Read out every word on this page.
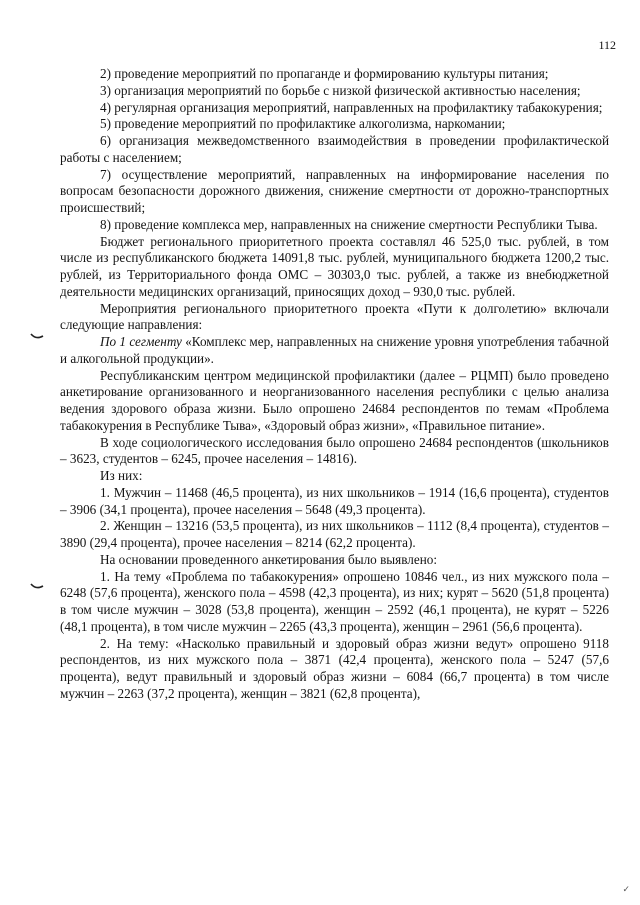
112

2) проведение мероприятий по пропаганде и формированию культуры питания;

3) организация мероприятий по борьбе с низкой физической активностью населения;

4) регулярная организация мероприятий, направленных на профилактику табакокурения;

5) проведение мероприятий по профилактике алкоголизма, наркомании;

6) организация межведомственного взаимодействия в проведении профилактической работы с населением;

7) осуществление мероприятий, направленных на информирование населения по вопросам безопасности дорожного движения, снижение смертности от дорожно-транспортных происшествий;

8) проведение комплекса мер, направленных на снижение смертности Республики Тыва.

Бюджет регионального приоритетного проекта составлял 46 525,0 тыс. рублей, в том числе из республиканского бюджета 14091,8 тыс. рублей, муниципального бюджета 1200,2 тыс. рублей, из Территориального фонда ОМС – 30303,0 тыс. рублей, а также из внебюджетной деятельности медицинских организаций, приносящих доход – 930,0 тыс. рублей.

Мероприятия регионального приоритетного проекта «Пути к долголетию» включали следующие направления:

По 1 сегменту «Комплекс мер, направленных на снижение уровня употребления табачной и алкогольной продукции».

Республиканским центром медицинской профилактики (далее – РЦМП) было проведено анкетирование организованного и неорганизованного населения республики с целью анализа ведения здорового образа жизни. Было опрошено 24684 респондентов по темам «Проблема табакокурения в Республике Тыва», «Здоровый образ жизни», «Правильное питание».

В ходе социологического исследования было опрошено 24684 респондентов (школьников – 3623, студентов – 6245, прочее населения – 14816).

Из них:

1. Мужчин – 11468 (46,5 процента), из них школьников – 1914 (16,6 процента), студентов – 3906 (34,1 процента), прочее населения – 5648 (49,3 процента).

2. Женщин – 13216 (53,5 процента), из них школьников – 1112 (8,4 процента), студентов – 3890 (29,4 процента), прочее населения – 8214 (62,2 процента).

На основании проведенного анкетирования было выявлено:

1. На тему «Проблема по табакокурения» опрошено 10846 чел., из них мужского пола – 6248 (57,6 процента), женского пола – 4598 (42,3 процента), из них; курят – 5620 (51,8 процента) в том числе мужчин – 3028 (53,8 процента), женщин – 2592 (46,1 процента), не курят – 5226 (48,1 процента), в том числе мужчин – 2265 (43,3 процента), женщин – 2961 (56,6 процента).

2. На тему: «Насколько правильный и здоровый образ жизни ведут» опрошено 9118 респондентов, из них мужского пола – 3871 (42,4 процента), женского пола – 5247 (57,6 процента), ведут правильный и здоровый образ жизни – 6084 (66,7 процента) в том числе мужчин – 2263 (37,2 процента), женщин – 3821 (62,8 процента),

✓
